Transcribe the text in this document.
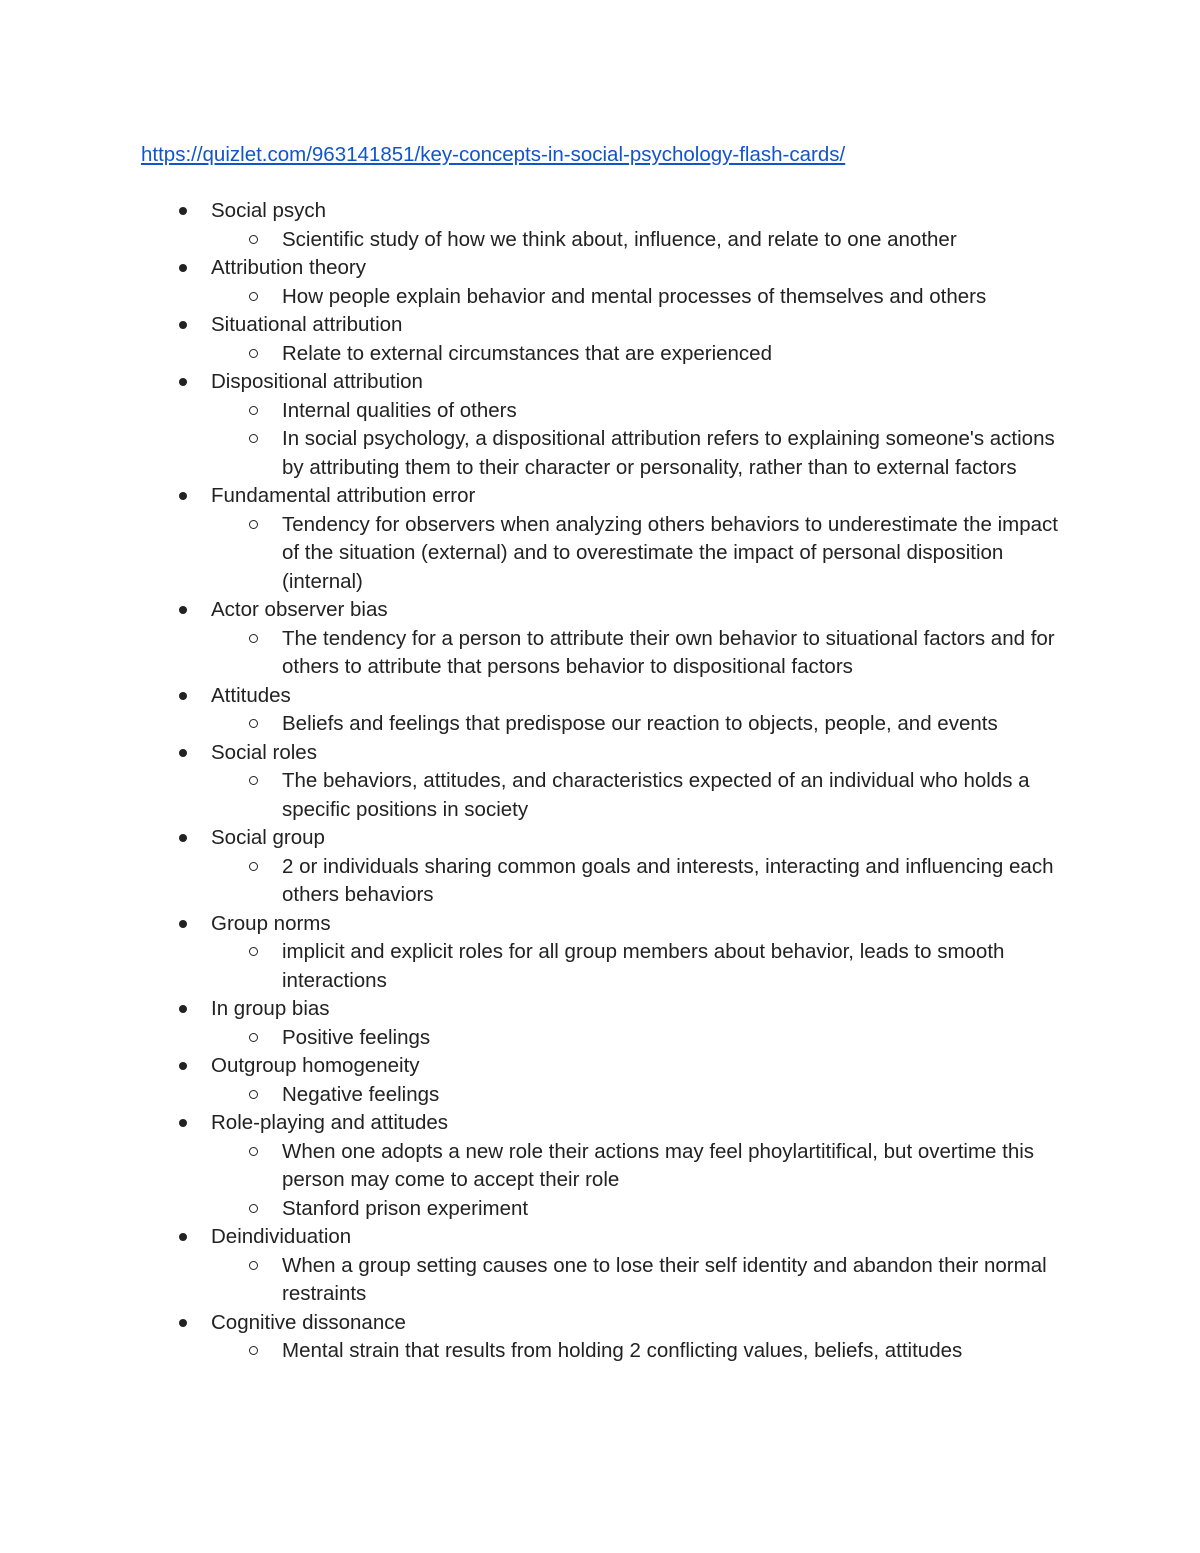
https://quizlet.com/963141851/key-concepts-in-social-psychology-flash-cards/
Social psych
Scientific study of how we think about, influence, and relate to one another
Attribution theory
How people explain behavior and mental processes of themselves and others
Situational attribution
Relate to external circumstances that are experienced
Dispositional attribution
Internal qualities of others
In social psychology, a dispositional attribution refers to explaining someone's actions by attributing them to their character or personality, rather than to external factors
Fundamental attribution error
Tendency for observers when analyzing others behaviors to underestimate the impact of the situation (external) and to overestimate the impact of personal disposition (internal)
Actor observer bias
The tendency for a person to attribute their own behavior to situational factors and for others to attribute that persons behavior to dispositional factors
Attitudes
Beliefs and feelings that predispose our reaction to objects, people, and events
Social roles
The behaviors, attitudes, and characteristics expected of an individual who holds a specific positions in society
Social group
2 or individuals sharing common goals and interests, interacting and influencing each others behaviors
Group norms
implicit and explicit roles for all group members about behavior, leads to smooth interactions
In group bias
Positive feelings
Outgroup homogeneity
Negative feelings
Role-playing and attitudes
When one adopts a new role their actions may feel phoylartitifical, but overtime this person may come to accept their role
Stanford prison experiment
Deindividuation
When a group setting causes one to lose their self identity and abandon their normal restraints
Cognitive dissonance
Mental strain that results from holding 2 conflicting values, beliefs, attitudes
